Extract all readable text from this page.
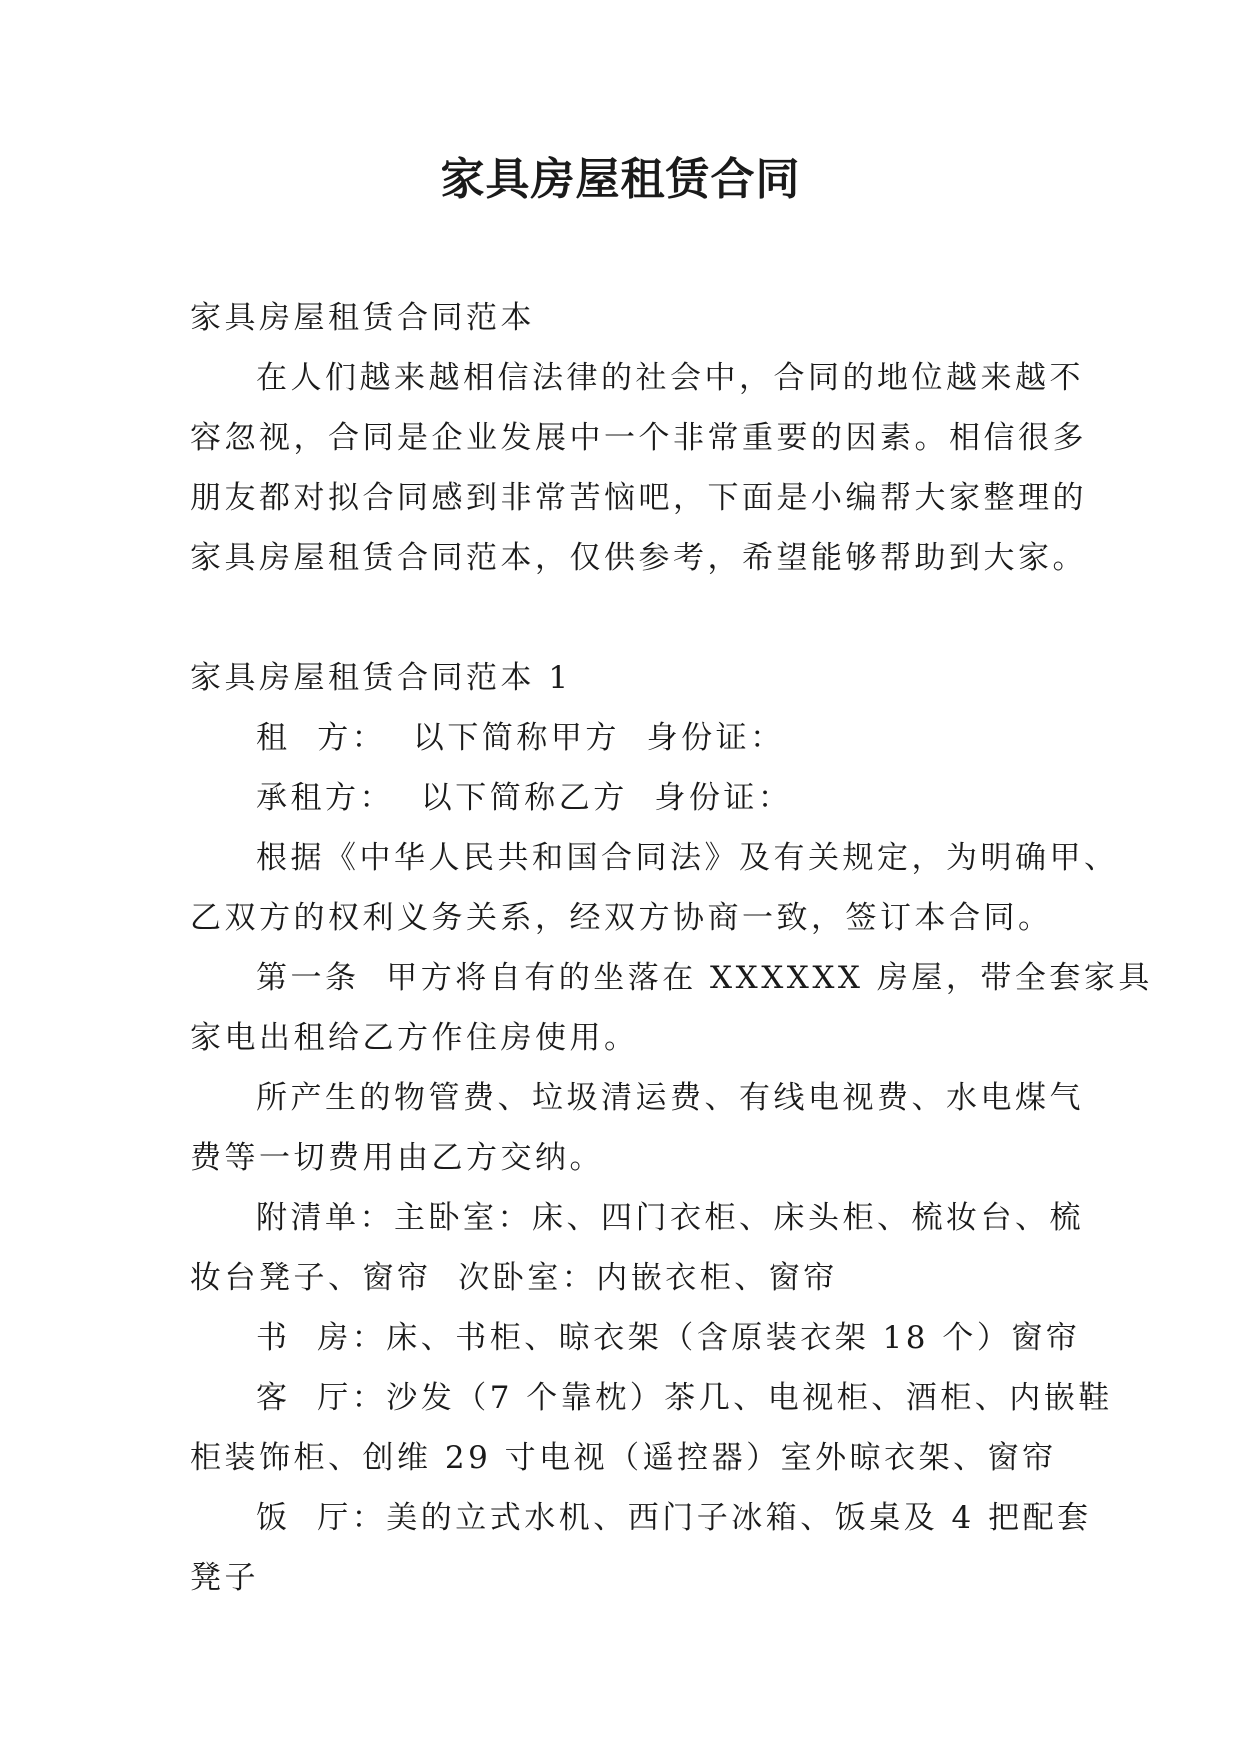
家具房屋租赁合同

家具房屋租赁合同范本

在人们越来越相信法律的社会中，合同的地位越来越不

容忽视，合同是企业发展中一个非常重要的因素。相信很多

朋友都对拟合同感到非常苦恼吧，下面是小编帮大家整理的

家具房屋租赁合同范本，仅供参考，希望能够帮助到大家。

家具房屋租赁合同范本 1

租  方：  以下简称甲方  身份证：

承租方：  以下简称乙方  身份证：

根据《中华人民共和国合同法》及有关规定，为明确甲、

乙双方的权利义务关系，经双方协商一致，签订本合同。

第一条  甲方将自有的坐落在 XXXXXX 房屋，带全套家具

家电出租给乙方作住房使用。

所产生的物管费、垃圾清运费、有线电视费、水电煤气

费等一切费用由乙方交纳。

附清单：主卧室：床、四门衣柜、床头柜、梳妆台、梳

妆台凳子、窗帘  次卧室：内嵌衣柜、窗帘

书  房：床、书柜、晾衣架（含原装衣架 18 个）窗帘

客  厅：沙发（7 个靠枕）茶几、电视柜、酒柜、内嵌鞋

柜装饰柜、创维 29 寸电视（遥控器）室外晾衣架、窗帘

饭  厅：美的立式水机、西门子冰箱、饭桌及 4 把配套

凳子
